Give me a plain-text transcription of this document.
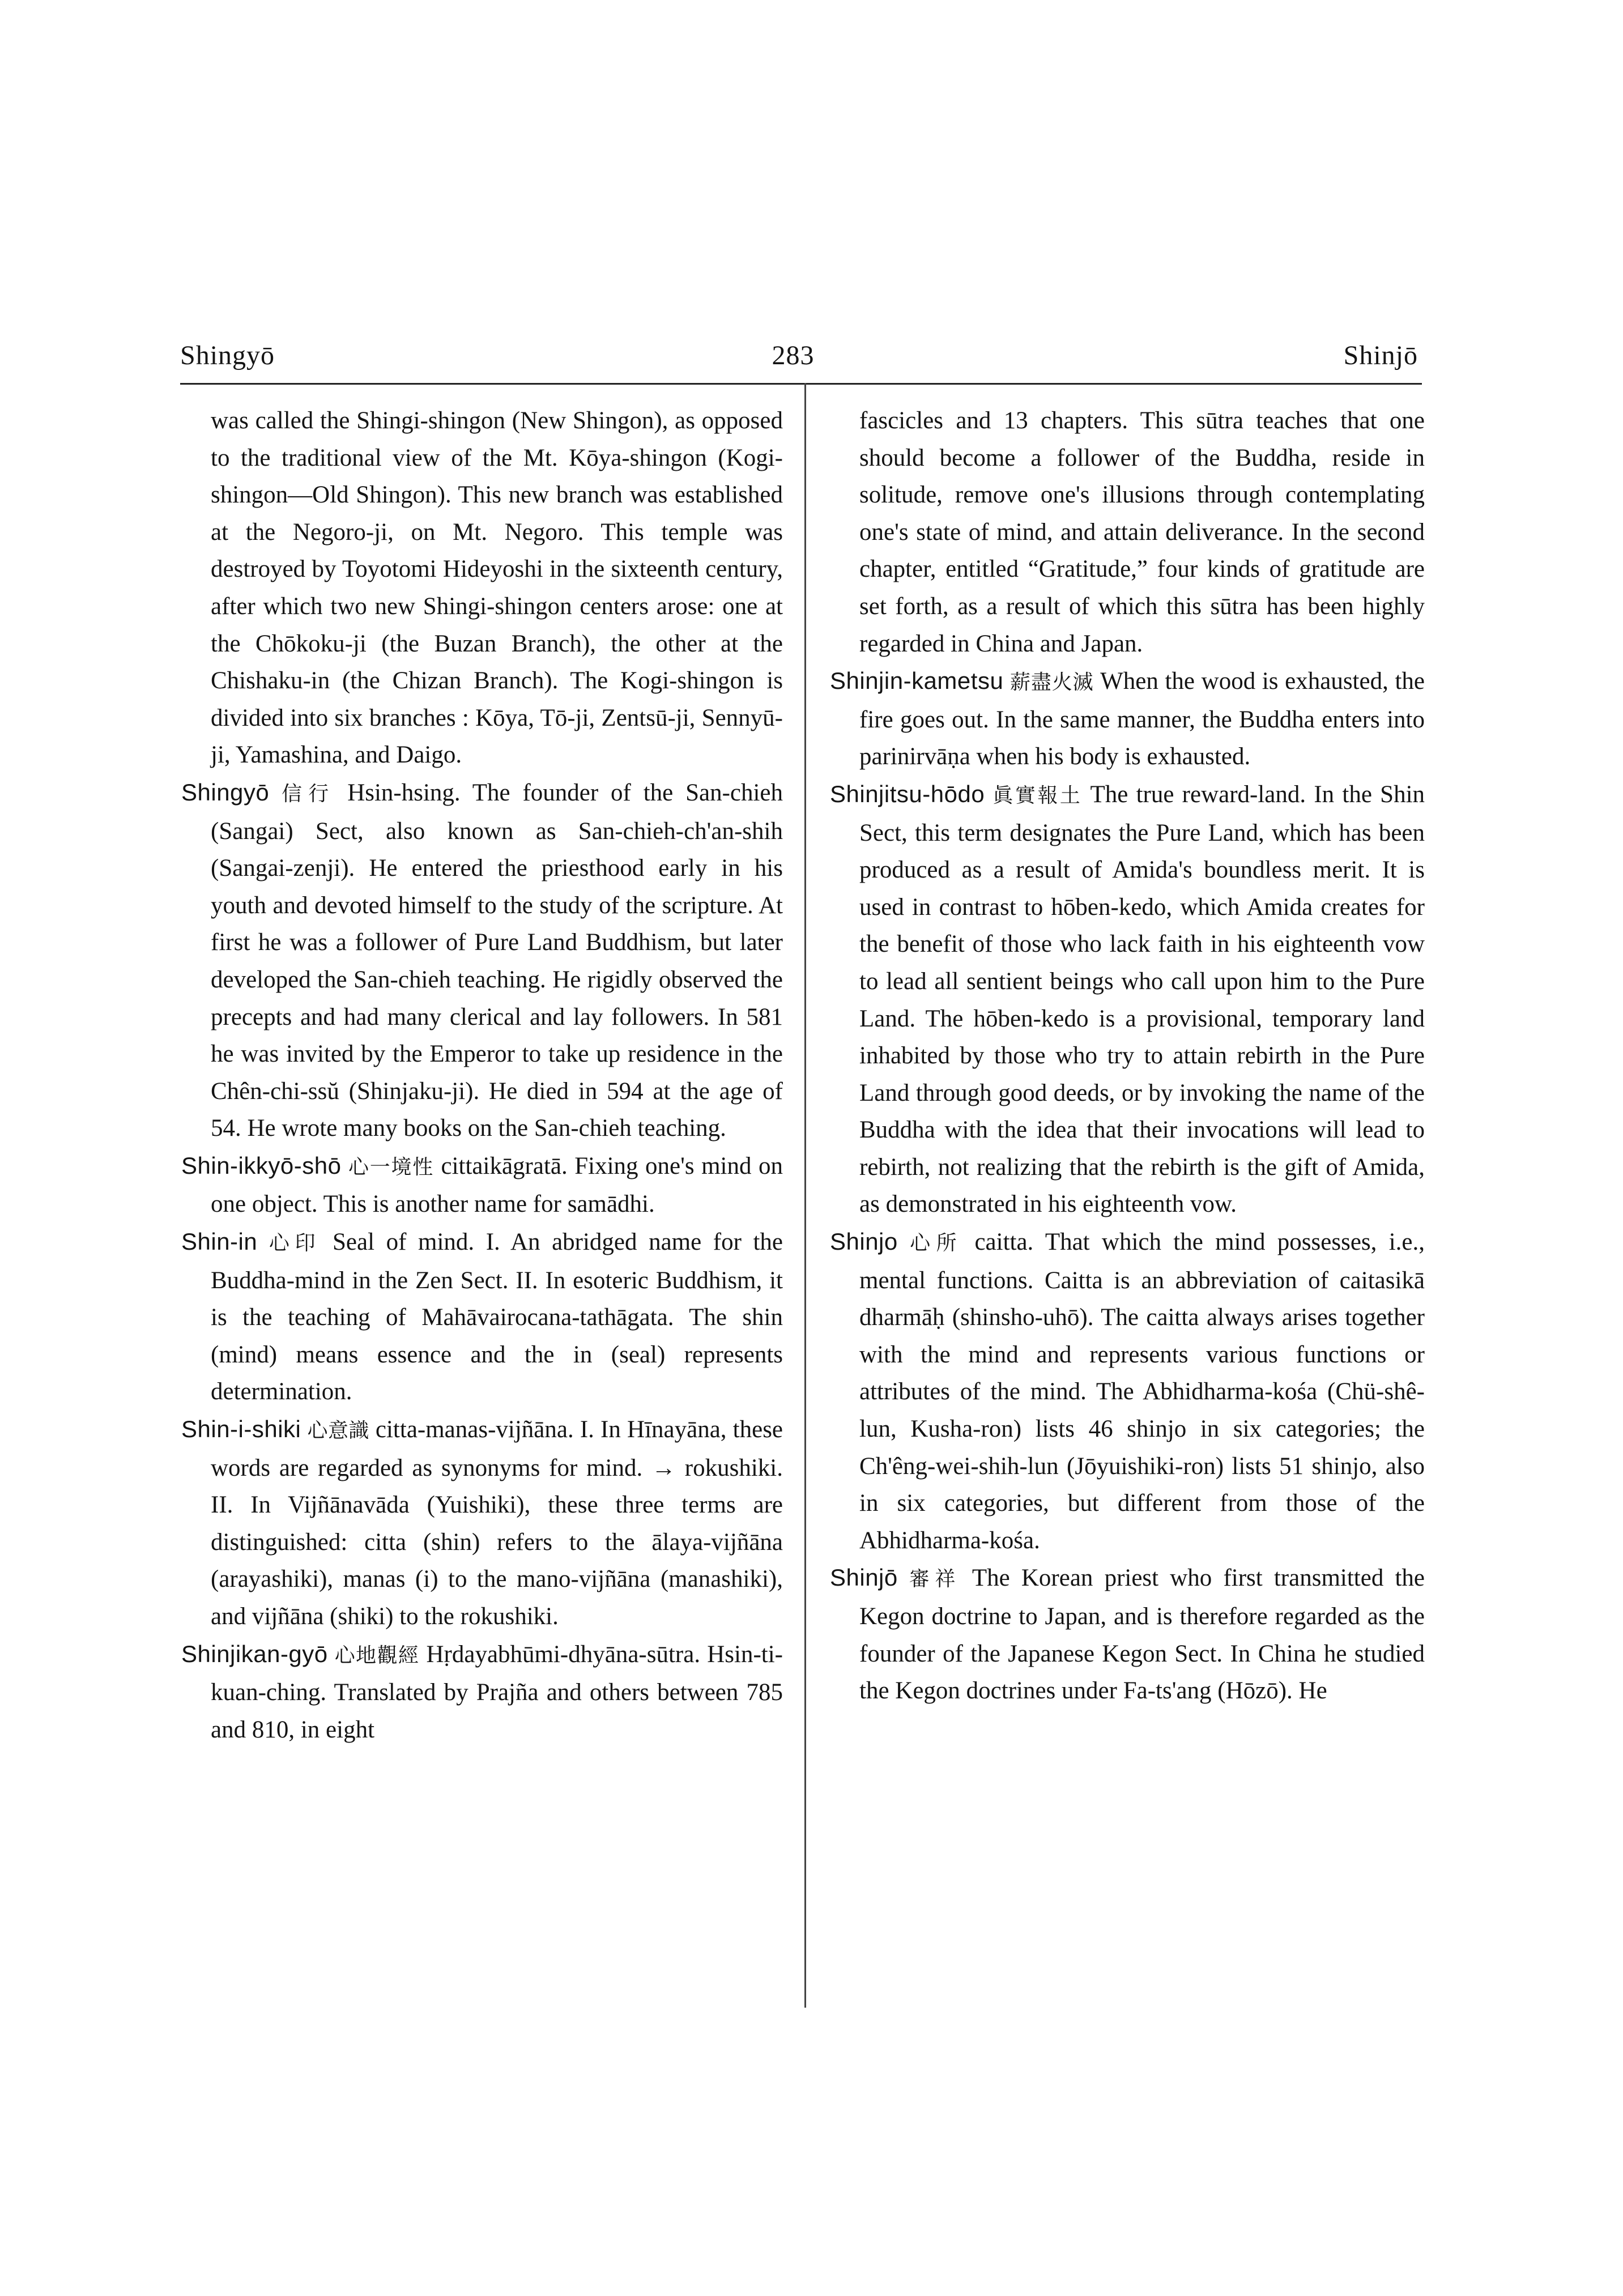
Shingyō	283	Shinjō

was called the Shingi-shingon (New Shingon), as opposed to the traditional view of the Mt. Kōya-shingon (Kogi-shingon—Old Shingon). This new branch was established at the Negoro-ji, on Mt. Negoro. This temple was destroyed by Toyotomi Hideyoshi in the sixteenth century, after which two new Shingi-shingon centers arose: one at the Chōkoku-ji (the Buzan Branch), the other at the Chishaku-in (the Chizan Branch). The Kogi-shingon is divided into six branches : Kōya, Tō-ji, Zentsū-ji, Sennyū-ji, Yamashina, and Daigo.

Shingyō 信行 Hsin-hsing. The founder of the San-chieh (Sangai) Sect, also known as San-chieh-ch'an-shih (Sangai-zenji). He entered the priesthood early in his youth and devoted himself to the study of the scripture. At first he was a follower of Pure Land Buddhism, but later developed the San-chieh teaching. He rigidly observed the precepts and had many clerical and lay followers. In 581 he was invited by the Emperor to take up residence in the Chên-chi-ssŭ (Shinjaku-ji). He died in 594 at the age of 54. He wrote many books on the San-chieh teaching.

Shin-ikkyō-shō 心一境性 cittaikāgratā. Fixing one's mind on one object. This is another name for samādhi.

Shin-in 心印 Seal of mind. I. An abridged name for the Buddha-mind in the Zen Sect. II. In esoteric Buddhism, it is the teaching of Mahāvairocana-tathāgata. The shin (mind) means essence and the in (seal) represents determination.

Shin-i-shiki 心意識 citta-manas-vijñāna. I. In Hīnayāna, these words are regarded as synonyms for mind. → rokushiki. II. In Vijñānavāda (Yuishiki), these three terms are distinguished: citta (shin) refers to the ālaya-vijñāna (arayashiki), manas (i) to the mano-vijñāna (manashiki), and vijñāna (shiki) to the rokushiki.

Shinjikan-gyō 心地觀經 Hṛdayabhūmi-dhyāna-sūtra. Hsin-ti-kuan-ching. Translated by Prajña and others between 785 and 810, in eight

fascicles and 13 chapters. This sūtra teaches that one should become a follower of the Buddha, reside in solitude, remove one's illusions through contemplating one's state of mind, and attain deliverance. In the second chapter, entitled “Gratitude,” four kinds of gratitude are set forth, as a result of which this sūtra has been highly regarded in China and Japan.

Shinjin-kametsu 薪盡火滅 When the wood is exhausted, the fire goes out. In the same manner, the Buddha enters into parinirvāṇa when his body is exhausted.

Shinjitsu-hōdo 眞實報土 The true reward-land. In the Shin Sect, this term designates the Pure Land, which has been produced as a result of Amida's boundless merit. It is used in contrast to hōben-kedo, which Amida creates for the benefit of those who lack faith in his eighteenth vow to lead all sentient beings who call upon him to the Pure Land. The hōben-kedo is a provisional, temporary land inhabited by those who try to attain rebirth in the Pure Land through good deeds, or by invoking the name of the Buddha with the idea that their invocations will lead to rebirth, not realizing that the rebirth is the gift of Amida, as demonstrated in his eighteenth vow.

Shinjo 心所 caitta. That which the mind possesses, i.e., mental functions. Caitta is an abbreviation of caitasikā dharmāḥ (shinsho-uhō). The caitta always arises together with the mind and represents various functions or attributes of the mind. The Abhidharma-kośa (Chü-shê-lun, Kusha-ron) lists 46 shinjo in six categories; the Ch'êng-wei-shih-lun (Jōyuishiki-ron) lists 51 shinjo, also in six categories, but different from those of the Abhidharma-kośa.

Shinjō 審祥 The Korean priest who first transmitted the Kegon doctrine to Japan, and is therefore regarded as the founder of the Japanese Kegon Sect. In China he studied the Kegon doctrines under Fa-ts'ang (Hōzō). He
